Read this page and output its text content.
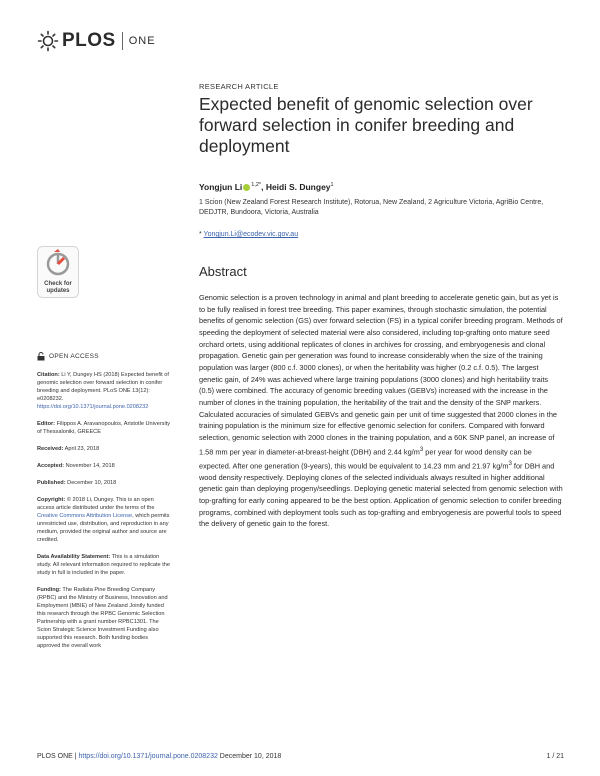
PLOS ONE
RESEARCH ARTICLE
Expected benefit of genomic selection over forward selection in conifer breeding and deployment
Yongjun Li $^{1,2*}$, Heidi S. Dungey$^1$
1 Scion (New Zealand Forest Research Institute), Rotorua, New Zealand, 2 Agriculture Victoria, AgriBio Centre, DEDJTR, Bundoora, Victoria, Australia
* Yongjun.Li@ecodev.vic.gov.au
Check for updates
OPEN ACCESS
Citation: Li Y, Dungey HS (2018) Expected benefit of genomic selection over forward selection in conifer breeding and deployment. PLoS ONE 13(12): e0208232. https://doi.org/10.1371/journal.pone.0208232
Editor: Filippos A. Aravanopoulos, Aristotle University of Thessaloniki, GREECE
Received: April 23, 2018
Accepted: November 14, 2018
Published: December 10, 2018
Copyright: © 2018 Li, Dungey. This is an open access article distributed under the terms of the Creative Commons Attribution License, which permits unrestricted use, distribution, and reproduction in any medium, provided the original author and source are credited.
Data Availability Statement: This is a simulation study. All relevant information required to replicate the study in full is included in the paper.
Funding: The Radiata Pine Breeding Company (RPBC) and the Ministry of Business, Innovation and Employment (MBIE) of New Zealand Jointly funded this research through the RPBC Genomic Selection Partnership with a grant number RPBC1301. The Scion Strategic Science Investment Funding also supported this research. Both funding bodies approved the overall work
Abstract

Genomic selection is a proven technology in animal and plant breeding to accelerate genetic gain, but as yet is to be fully realised in forest tree breeding. This paper examines, through stochastic simulation, the potential benefits of genomic selection (GS) over forward selection (FS) in a typical conifer breeding program. Methods of speeding the deployment of selected material were also considered, including top-grafting onto mature seed orchard ortets, using additional replicates of clones in archives for crossing, and embryogenesis and clonal propagation. Genetic gain per generation was found to increase considerably when the size of the training population was larger (800 c.f. 3000 clones), or when the heritability was higher (0.2 c.f. 0.5). The largest genetic gain, of 24% was achieved where large training populations (3000 clones) and high heritability traits (0.5) were combined. The accuracy of genomic breeding values (GEBVs) increased with the increase in the number of clones in the training population, the heritability of the trait and the density of the SNP markers. Calculated accuracies of simulated GEBVs and genetic gain per unit of time suggested that 2000 clones in the training population is the minimum size for effective genomic selection for conifers. Compared with forward selection, genomic selection with 2000 clones in the training population, and a 60K SNP panel, an increase of 1.58 mm per year in diameter-at-breast-height (DBH) and 2.44 $kg/m^3$ per year for wood density can be expected. After one generation (9-years), this would be equivalent to 14.23 mm and 21.97 $kg/m^3$ for DBH and wood density respectively. Deploying clones of the selected individuals always resulted in higher additional genetic gain than deploying progeny/seedlings. Deploying genetic material selected from genomic selection with top-grafting for early coning appeared to be the best option. Application of genomic selection to conifer breeding programs, combined with deployment tools such as top-grafting and embryogenesis are powerful tools to speed the delivery of genetic gain to the forest.

PLOS ONE | https://doi.org/10.1371/journal.pone.0208232 December 10, 2018	1 / 21
